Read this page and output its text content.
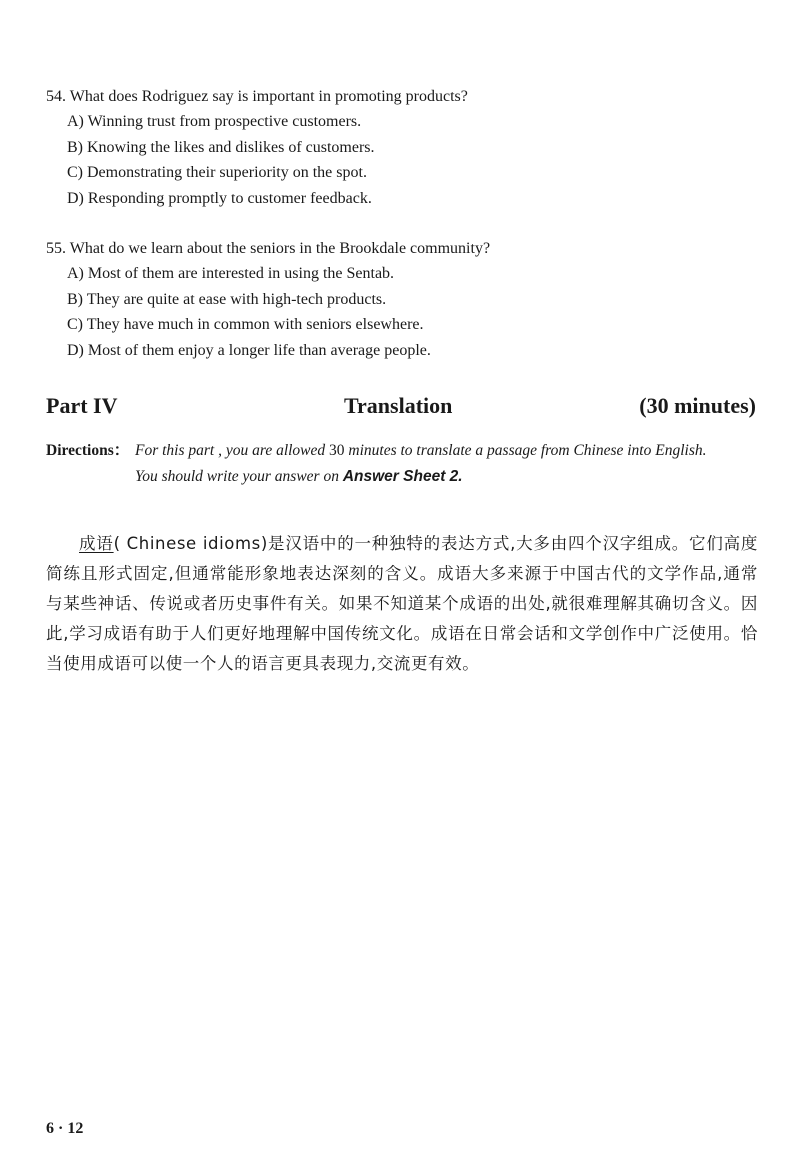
54. What does Rodriguez say is important in promoting products?
A) Winning trust from prospective customers.
B) Knowing the likes and dislikes of customers.
C) Demonstrating their superiority on the spot.
D) Responding promptly to customer feedback.
55. What do we learn about the seniors in the Brookdale community?
A) Most of them are interested in using the Sentab.
B) They are quite at ease with high-tech products.
C) They have much in common with seniors elsewhere.
D) Most of them enjoy a longer life than average people.
Part IV	Translation	(30 minutes)
Directions： For this part , you are allowed 30 minutes to translate a passage from Chinese into English.
You should write your answer on Answer Sheet 2.

成语( Chinese idioms)是汉语中的一种独特的表达方式,大多由四个汉字组成。它们高度简练且形式固定,但通常能形象地表达深刻的含义。成语大多来源于中国古代的文学作品,通常与某些神话、传说或者历史事件有关。如果不知道某个成语的出处,就很难理解其确切含义。因此,学习成语有助于人们更好地理解中国传统文化。成语在日常会话和文学创作中广泛使用。恰当使用成语可以使一个人的语言更具表现力,交流更有效。

6 · 12
